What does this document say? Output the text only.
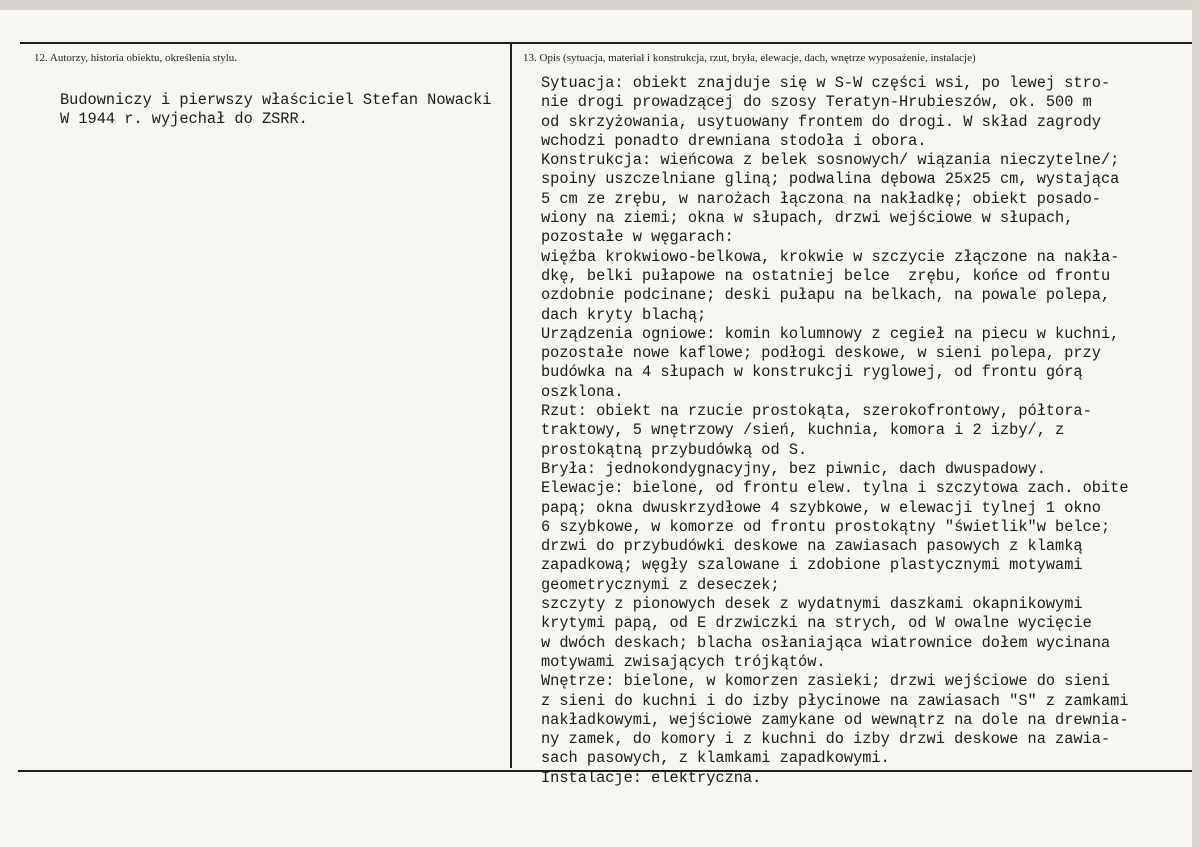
12. Autorzy, historia obiektu, określenia stylu.	13. Opis (sytuacja, materiał i konstrukcja, rzut, bryła, elewacje, dach, wnętrze wyposażenie, instalacje)
Budowniczy i pierwszy właściciel Stefan Nowacki
W 1944 r. wyjechał do ZSRR.
Sytuacja: obiekt znajduje się w S-W części wsi, po lewej stro-
nie drogi prowadzącej do szosy Teratyn-Hrubieszów, ok. 500 m
od skrzyżowania, usytuowany frontem do drogi. W skład zagrody
wchodzi ponadto drewniana stodoła i obora.
Konstrukcja: wieńcowa z belek sosnowych/ wiązania nieczytelne/;
spoiny uszczelniane gliną; podwalina dębowa 25x25 cm, wystająca
5 cm ze zrębu, w narożach łączona na nakładkę; obiekt posado-
wiony na ziemi; okna w słupach, drzwi wejściowe w słupach,
pozostałe w węgarach:
więźba krokwiowo-belkowa, krokwie w szczycie złączone na nakła-
dkę, belki pułapowe na ostatniej belce  zrębu, końce od frontu
ozdobnie podcinane; deski pułapu na belkach, na powale polepa,
dach kryty blachą;
Urządzenia ogniowe: komin kolumnowy z cegieł na piecu w kuchni,
pozostałe nowe kaflowe; podłogi deskowe, w sieni polepa, przy
budówka na 4 słupach w konstrukcji ryglowej, od frontu górą
oszklona.
Rzut: obiekt na rzucie prostokąta, szerokofrontowy, półtora-
traktowy, 5 wnętrzowy /sień, kuchnia, komora i 2 izby/, z
prostokątną przybudówką od S.
Bryła: jednokondygnacyjny, bez piwnic, dach dwuspadowy.
Elewacje: bielone, od frontu elew. tylna i szczytowa zach. obite
papą; okna dwuskrzydłowe 4 szybkowe, w elewacji tylnej 1 okno
6 szybkowe, w komorze od frontu prostokątny "świetlik"w belce;
drzwi do przybudówki deskowe na zawiasach pasowych z klamką
zapadkową; węgły szalowane i zdobione plastycznymi motywami
geometrycznymi z deseczek;
szczyty z pionowych desek z wydatnymi daszkami okapnikowymi
krytymi papą, od E drzwiczki na strych, od W owalne wycięcie
w dwóch deskach; blacha osłaniająca wiatrownice dołem wycinana
motywami zwisających trójkątów.
Wnętrze: bielone, w komorzen zasieki; drzwi wejściowe do sieni
z sieni do kuchni i do izby płycinowe na zawiasach "S" z zamkami
nakładkowymi, wejściowe zamykane od wewnątrz na dole na drewnia-
ny zamek, do komory i z kuchni do izby drzwi deskowe na zawia-
sach pasowych, z klamkami zapadkowymi.
Instalacje: elektryczna.
